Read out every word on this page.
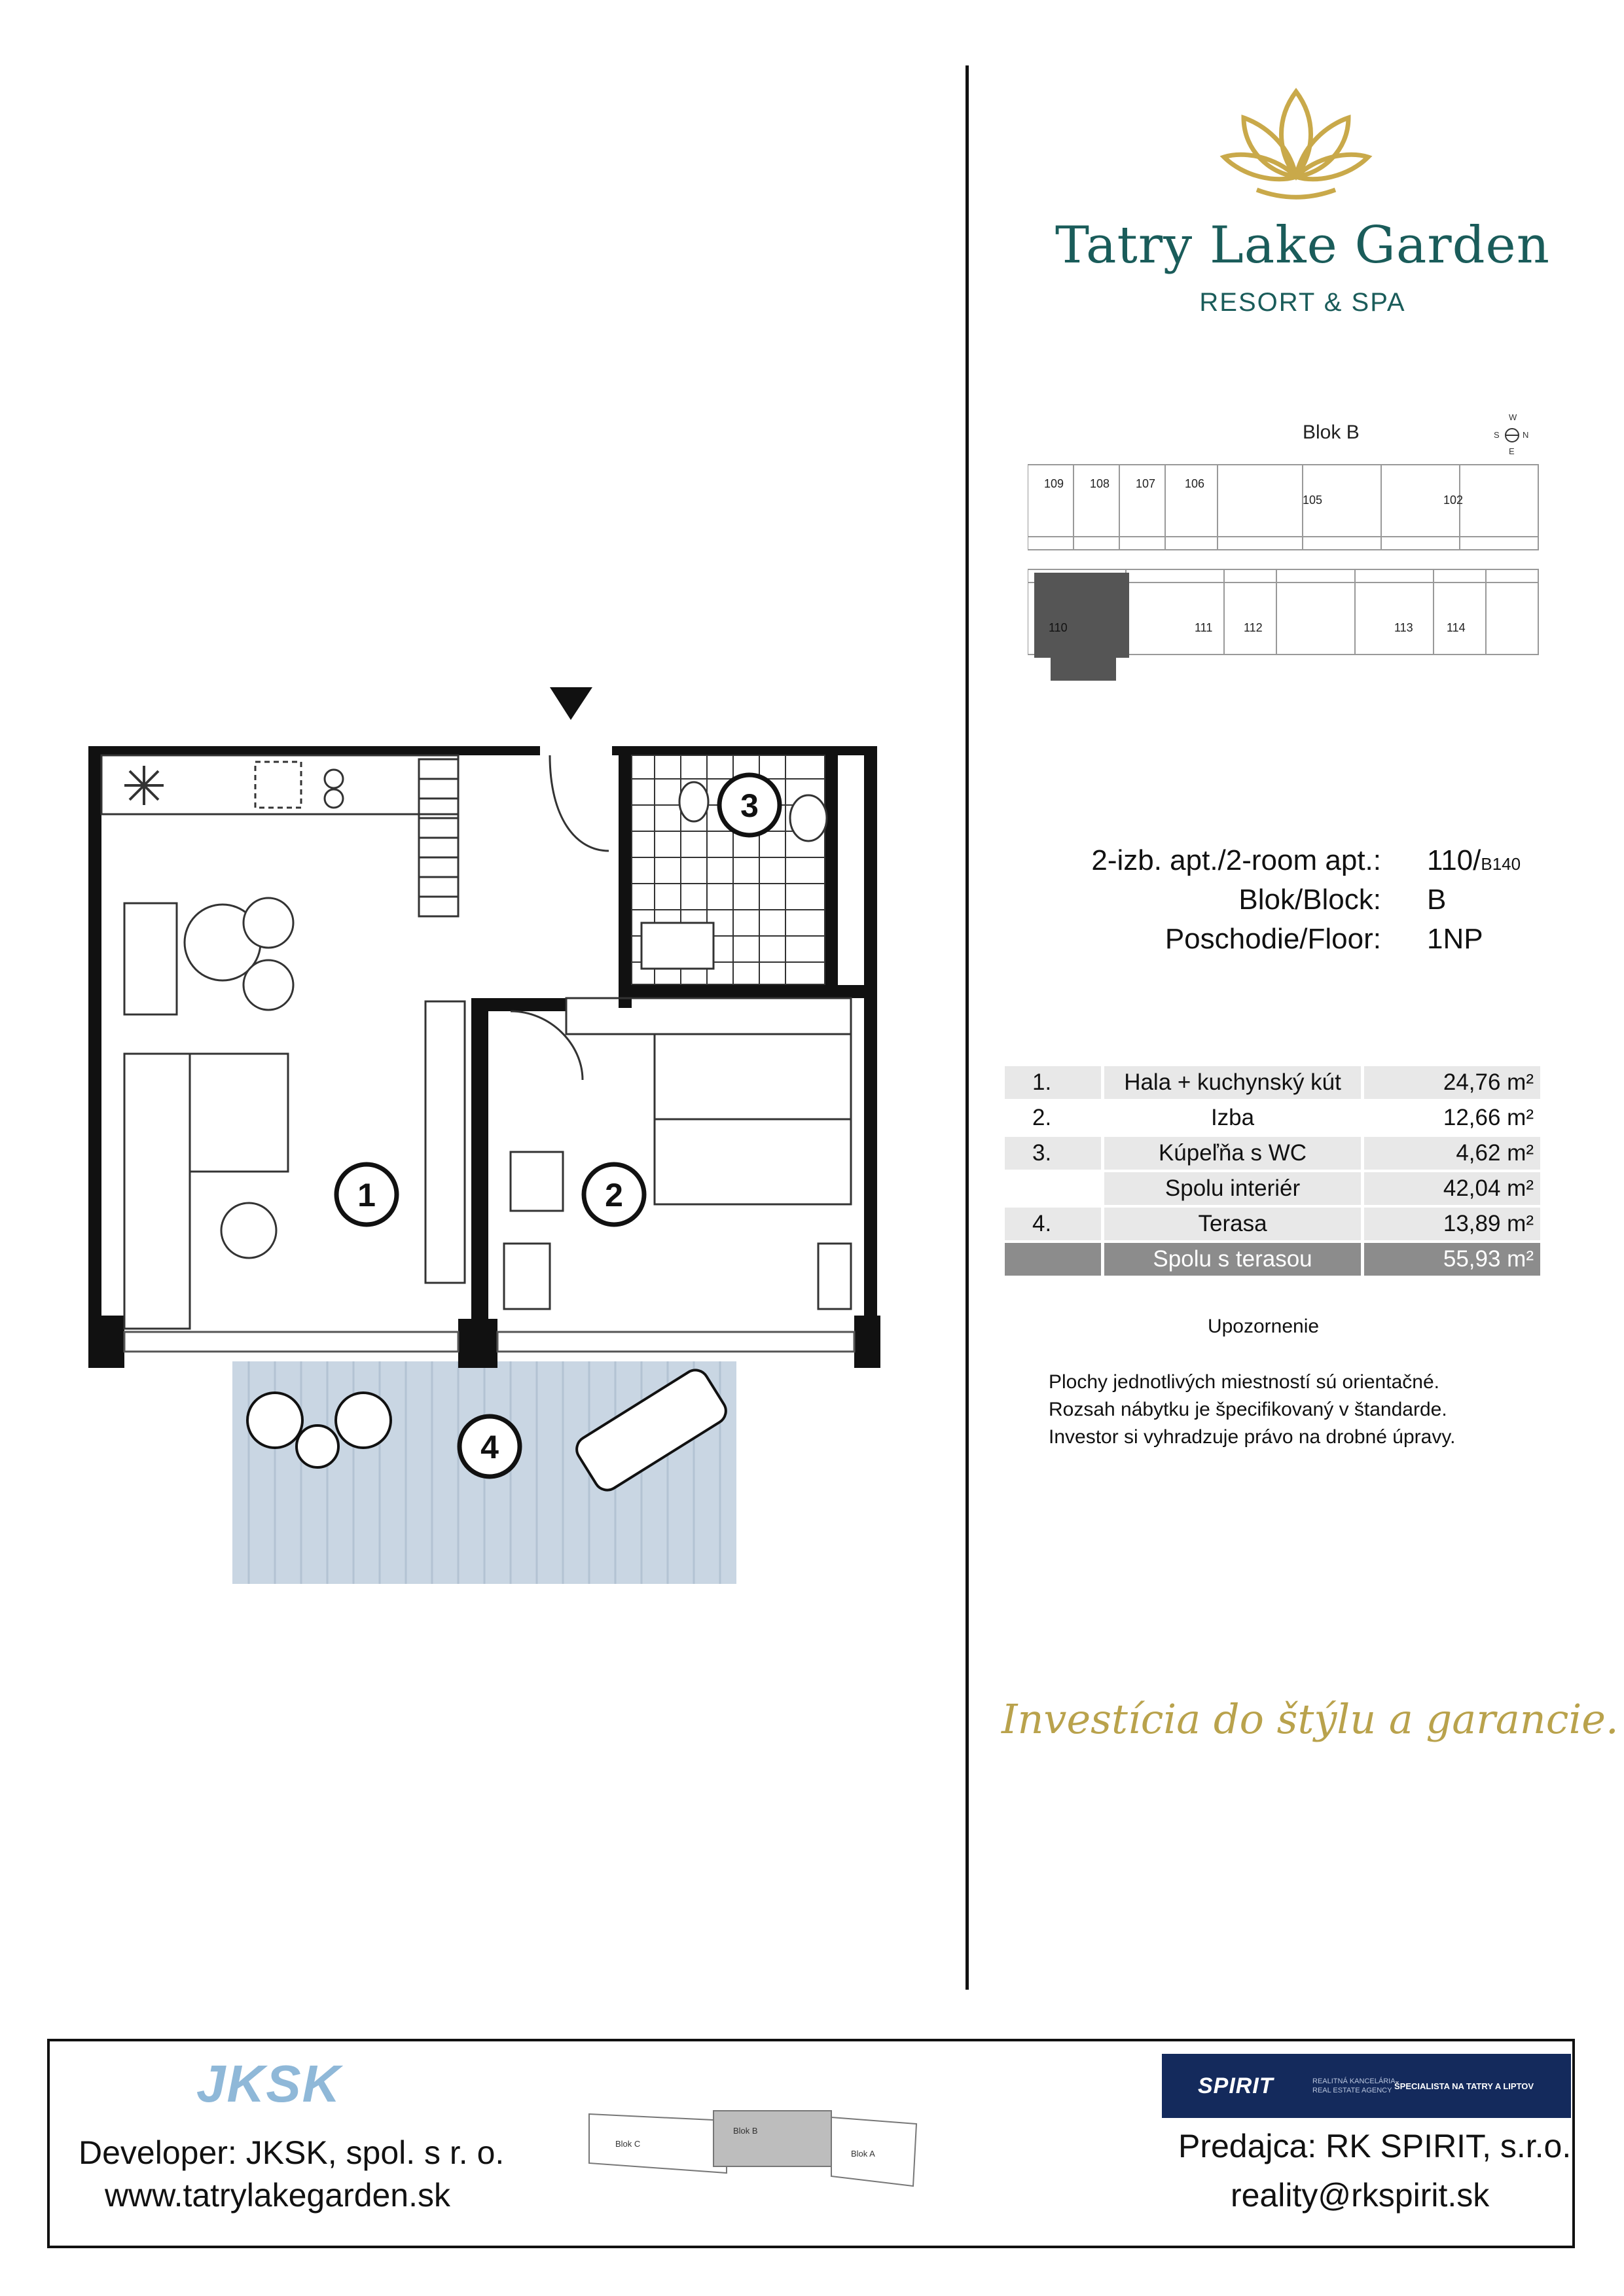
Tatry Lake Garden
RESORT & SPA
Blok B
W
S	N
E
109 108 107 106
105	102
110	111	112	113	114
2-izb. apt./2-room apt.: 110/B140
Blok/Block: B
Poschodie/Floor: 1NP
1.	Hala + kuchynský kút	24,76 m²
2.	Izba	12,66 m²
3.	Kúpeľňa s WC	4,62 m²
	Spolu interiér	42,04 m²
4.	Terasa	13,89 m²
	Spolu s terasou	55,93 m²
Upozornenie
Plochy jednotlivých miestností sú orientačné.
Rozsah nábytku je špecifikovaný v štandarde.
Investor si vyhradzuje právo na drobné úpravy.
Investícia do štýlu a garancie.
1	2
3
4
JKSK
Developer: JKSK, spol. s r. o.
www.tatrylakegarden.sk
Blok C
Blok B
Blok A
SPIRIT	REALITNÁ KANCELÁRIA
REAL ESTATE AGENCY ŠPECIALISTA NA TATRY A LIPTOV
Predajca: RK SPIRIT, s.r.o.
reality@rkspirit.sk
